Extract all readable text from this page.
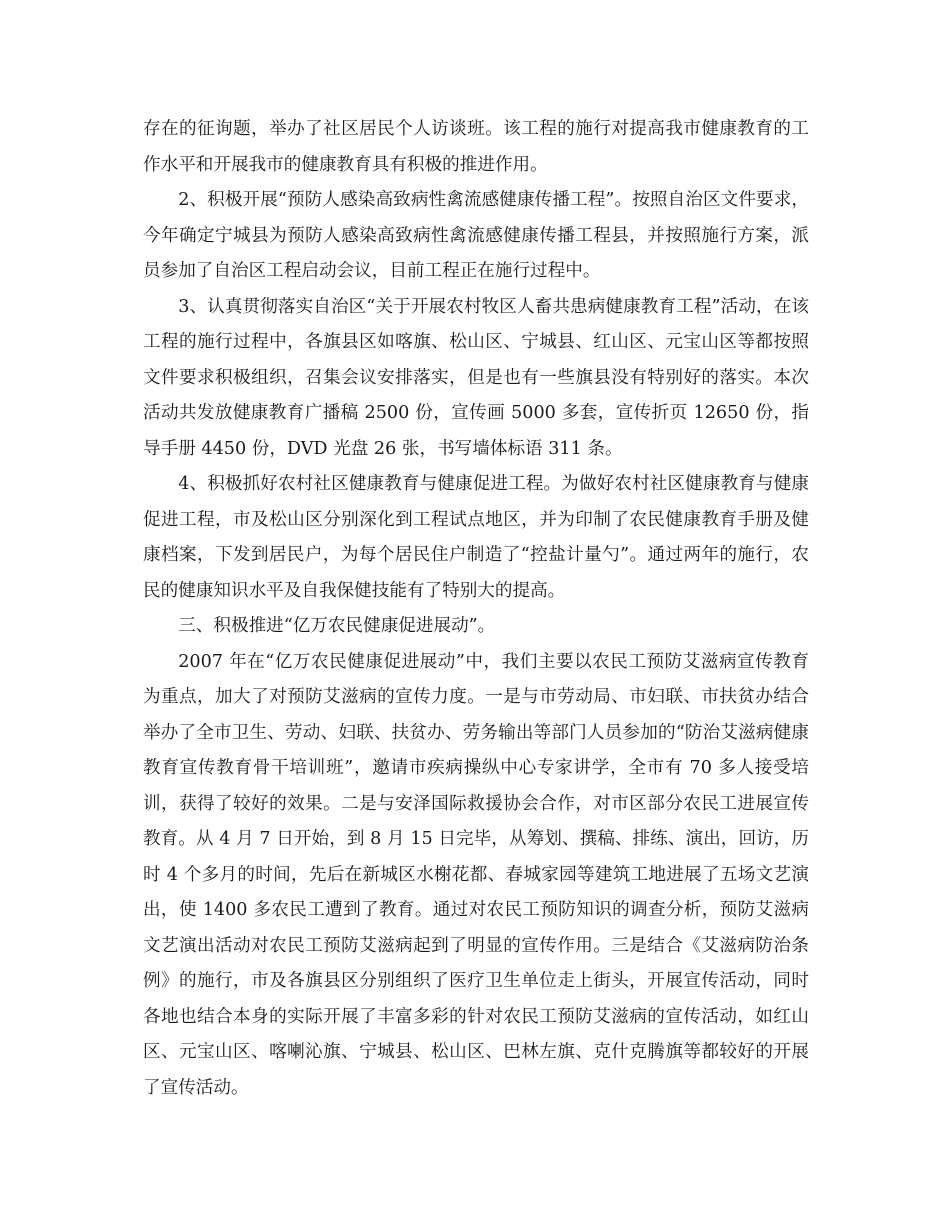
存在的征询题，举办了社区居民个人访谈班。该工程的施行对提高我市健康教育的工作水平和开展我市的健康教育具有积极的推进作用。

2、积极开展“预防人感染高致病性禽流感健康传播工程”。按照自治区文件要求，今年确定宁城县为预防人感染高致病性禽流感健康传播工程县，并按照施行方案，派员参加了自治区工程启动会议，目前工程正在施行过程中。

3、认真贯彻落实自治区“关于开展农村牧区人畜共患病健康教育工程”活动，在该工程的施行过程中，各旗县区如喀旗、松山区、宁城县、红山区、元宝山区等都按照文件要求积极组织，召集会议安排落实，但是也有一些旗县没有特别好的落实。本次活动共发放健康教育广播稿 2500 份，宣传画 5000 多套，宣传折页 12650 份，指导手册 4450 份，DVD 光盘 26 张，书写墙体标语 311 条。

4、积极抓好农村社区健康教育与健康促进工程。为做好农村社区健康教育与健康促进工程，市及松山区分别深化到工程试点地区，并为印制了农民健康教育手册及健康档案，下发到居民户，为每个居民住户制造了“控盐计量勺”。通过两年的施行，农民的健康知识水平及自我保健技能有了特别大的提高。

三、积极推进“亿万农民健康促进展动”。

2007 年在“亿万农民健康促进展动”中，我们主要以农民工预防艾滋病宣传教育为重点，加大了对预防艾滋病的宣传力度。一是与市劳动局、市妇联、市扶贫办结合举办了全市卫生、劳动、妇联、扶贫办、劳务输出等部门人员参加的“防治艾滋病健康教育宣传教育骨干培训班”，邀请市疾病操纵中心专家讲学，全市有 70 多人接受培训，获得了较好的效果。二是与安泽国际救援协会合作，对市区部分农民工进展宣传教育。从 4 月 7 日开始，到 8 月 15 日完毕，从筹划、撰稿、排练、演出，回访，历时 4 个多月的时间，先后在新城区水榭花都、春城家园等建筑工地进展了五场文艺演出，使 1400 多农民工遭到了教育。通过对农民工预防知识的调查分析，预防艾滋病文艺演出活动对农民工预防艾滋病起到了明显的宣传作用。三是结合《艾滋病防治条例》的施行，市及各旗县区分别组织了医疗卫生单位走上街头，开展宣传活动，同时各地也结合本身的实际开展了丰富多彩的针对农民工预防艾滋病的宣传活动，如红山区、元宝山区、喀喇沁旗、宁城县、松山区、巴林左旗、克什克腾旗等都较好的开展了宣传活动。
